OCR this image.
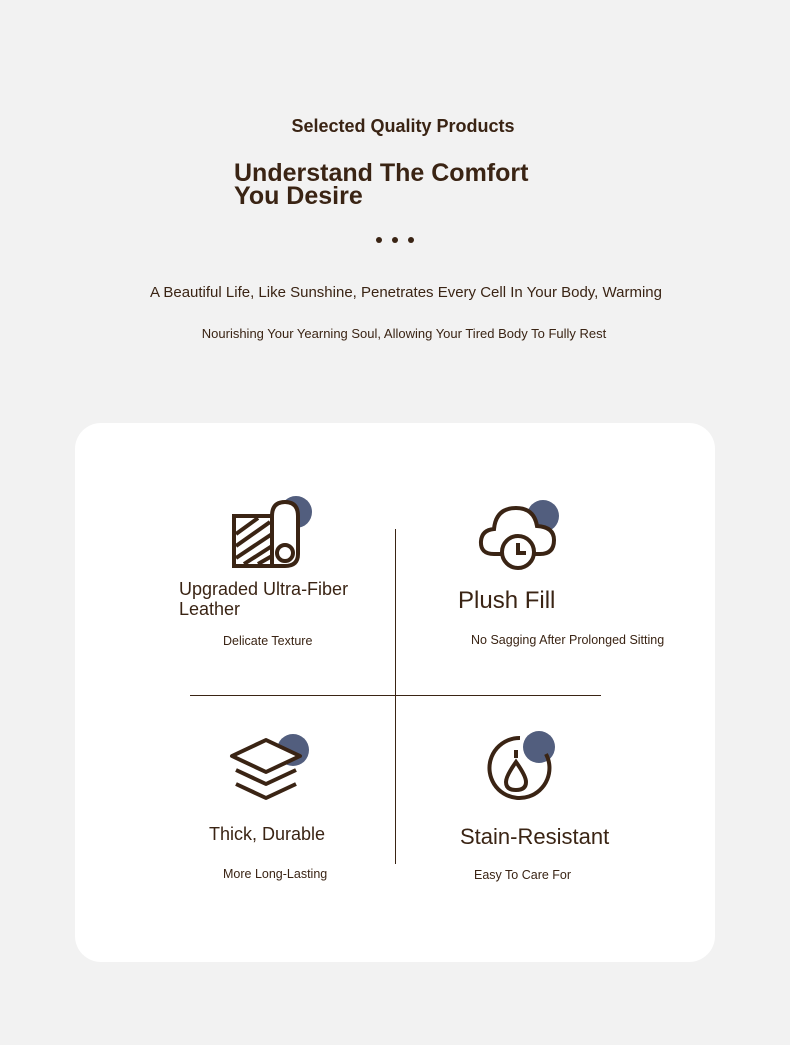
Selected Quality Products
Understand The Comfort
You Desire
A Beautiful Life, Like Sunshine, Penetrates Every Cell In Your Body, Warming
Nourishing Your Yearning Soul, Allowing Your Tired Body To Fully Rest
Upgraded Ultra-Fiber
Leather
Delicate Texture
Plush Fill
No Sagging After Prolonged Sitting
Thick, Durable
More Long-Lasting
Stain-Resistant
Easy To Care For
